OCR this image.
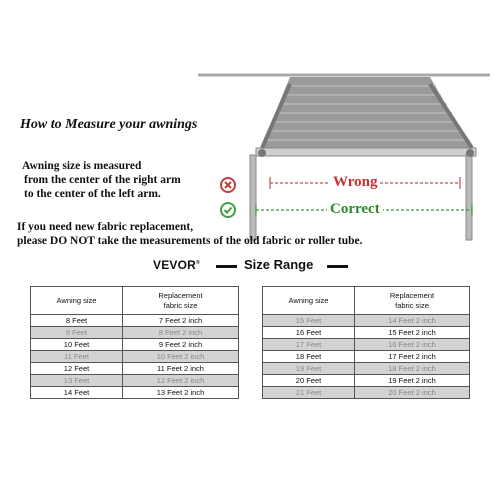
How to Measure your awnings
Awning size is measured
from the center of the right arm
to the center of the left arm.
Wrong
Correct
If you need new fabric replacement,
please DO NOT take the measurements of the old fabric or roller tube.
VEVOR®	Size Range
Awning size	Replacement
fabric size
8 Feet	7 Feet 2 inch
9 Feet	8 Feet 2 inch
10 Feet	9 Feet 2 inch
11 Feet	10 Feet 2 inch
12 Feet	11 Feet 2 inch
13 Feet	12 Feet 2 inch
14 Feet	13 Feet 2 inch
Awning size	Replacement
fabric size
15 Feet	14 Feet 2 inch
16 Feet	15 Feet 2 inch
17 Feet	16 Feet 2 inch
18 Feet	17 Feet 2 inch
19 Feet	18 Feet 2 inch
20 Feet	19 Feet 2 inch
21 Feet	20 Feet 2 inch
